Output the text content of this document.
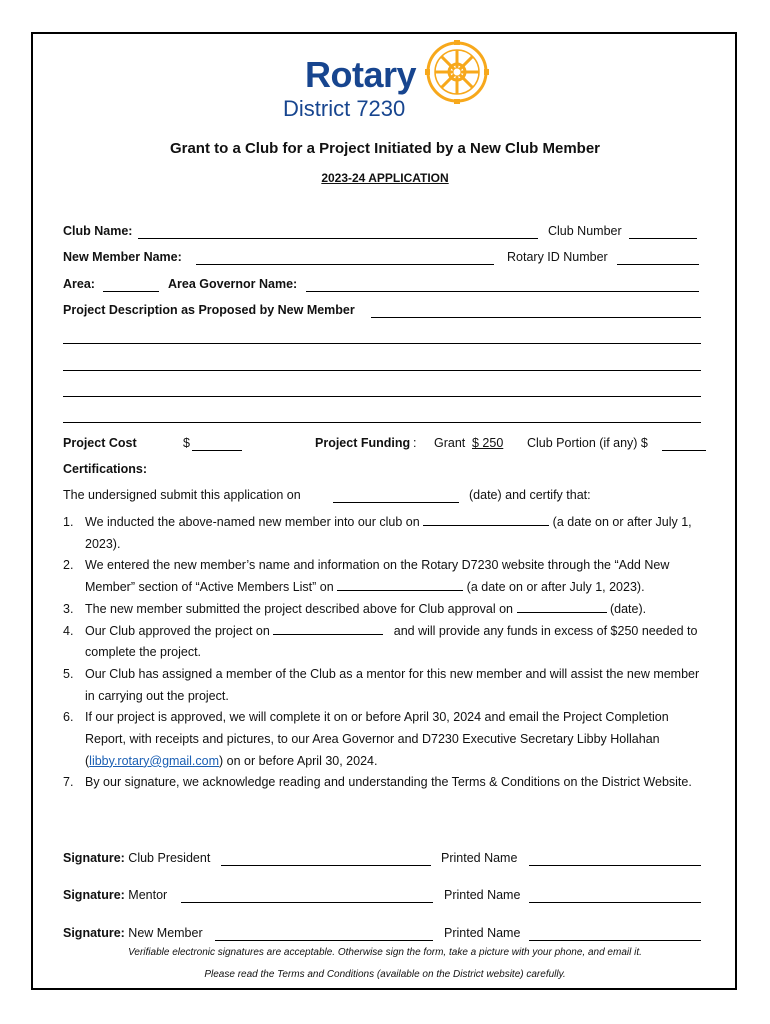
Rotary
District 7230
Grant to a Club for a Project Initiated by a New Club Member
2023-24 APPLICATION
Club Name:	Club Number
New Member Name:	Rotary ID Number
Area:	Area Governor Name:
Project Description as Proposed by New Member
Project Cost	$	Project Funding : Grant $ 250 Club Portion (if any) $
Certifications:
The undersigned submit this application on	(date) and certify that:
1. We inducted the above-named new member into our club on	(a date on or after July 1, 2023).
2. We entered the new member’s name and information on the Rotary D7230 website through the “Add New Member” section of “Active Members List” on	(a date on or after July 1, 2023).
3. The new member submitted the project described above for Club approval on	(date).
4. Our Club approved the project on	and will provide any funds in excess of $250 needed to complete the project.
5. Our Club has assigned a member of the Club as a mentor for this new member and will assist the new member in carrying out the project.
6. If our project is approved, we will complete it on or before April 30, 2024 and email the Project Completion Report, with receipts and pictures, to our Area Governor and D7230 Executive Secretary Libby Hollahan (libby.rotary@gmail.com) on or before April 30, 2024.
7. By our signature, we acknowledge reading and understanding the Terms & Conditions on the District Website.
Signature: Club President	Printed Name
Signature: Mentor	Printed Name
Signature: New Member	Printed Name
Verifiable electronic signatures are acceptable. Otherwise sign the form, take a picture with your phone, and email it.
Please read the Terms and Conditions (available on the District website) carefully.
